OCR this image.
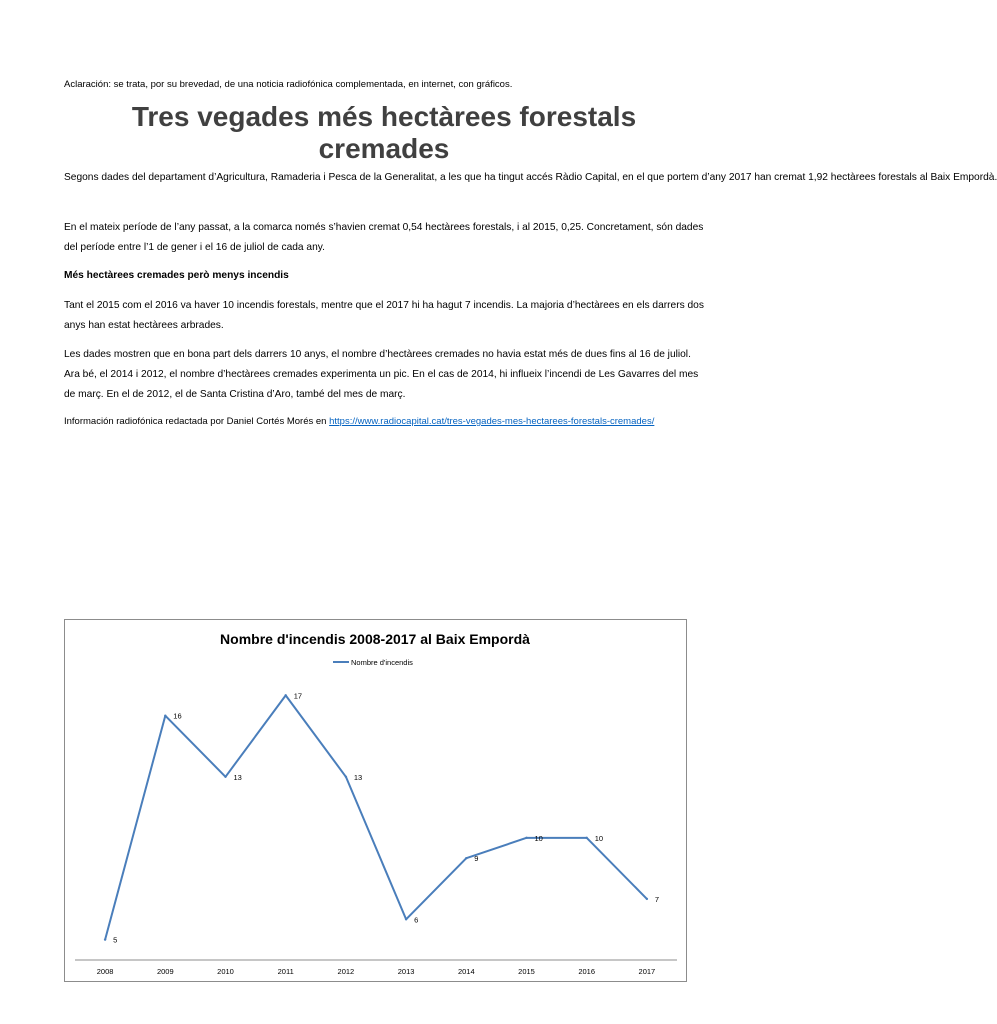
Aclaración: se trata, por su brevedad, de una noticia radiofónica complementada, en internet, con gráficos.
Tres vegades més hectàrees forestals cremades

Segons dades del departament d’Agricultura, Ramaderia i Pesca de la Generalitat, a les que ha tingut accés Ràdio Capital, en el que portem d’any 2017 han cremat 1,92 hectàrees forestals al Baix Empordà.

En el mateix període de l’any passat, a la comarca només s’havien cremat 0,54 hectàrees forestals, i al 2015, 0,25. Concretament, són dades del període entre l’1 de gener i el 16 de juliol de cada any.

Més hectàrees cremades però menys incendis

Tant el 2015 com el 2016 va haver 10 incendis forestals, mentre que el 2017 hi ha hagut 7 incendis. La majoria d’hectàrees en els darrers dos anys han estat hectàrees arbrades.

Les dades mostren que en bona part dels darrers 10 anys, el nombre d’hectàrees cremades no havia estat més de dues fins al 16 de juliol. Ara bé, el 2014 i 2012, el nombre d’hectàrees cremades experimenta un pic. En el cas de 2014, hi influeix l’incendi de Les Gavarres del mes de març. En el de 2012, el de Santa Cristina d’Aro, també del mes de març.

Información radiofónica redactada por Daniel Cortés Morés en https://www.radiocapital.cat/tres-vegades-mes-hectarees-forestals-cremades/

Nombre d'incendis 2008-2017 al Baix Empordà
Nombre d'incendis
2008	2009	2010	2011	2012	2013	2014	2015	2016	2017
5
16
13
17
13
6
9
10	10
7
